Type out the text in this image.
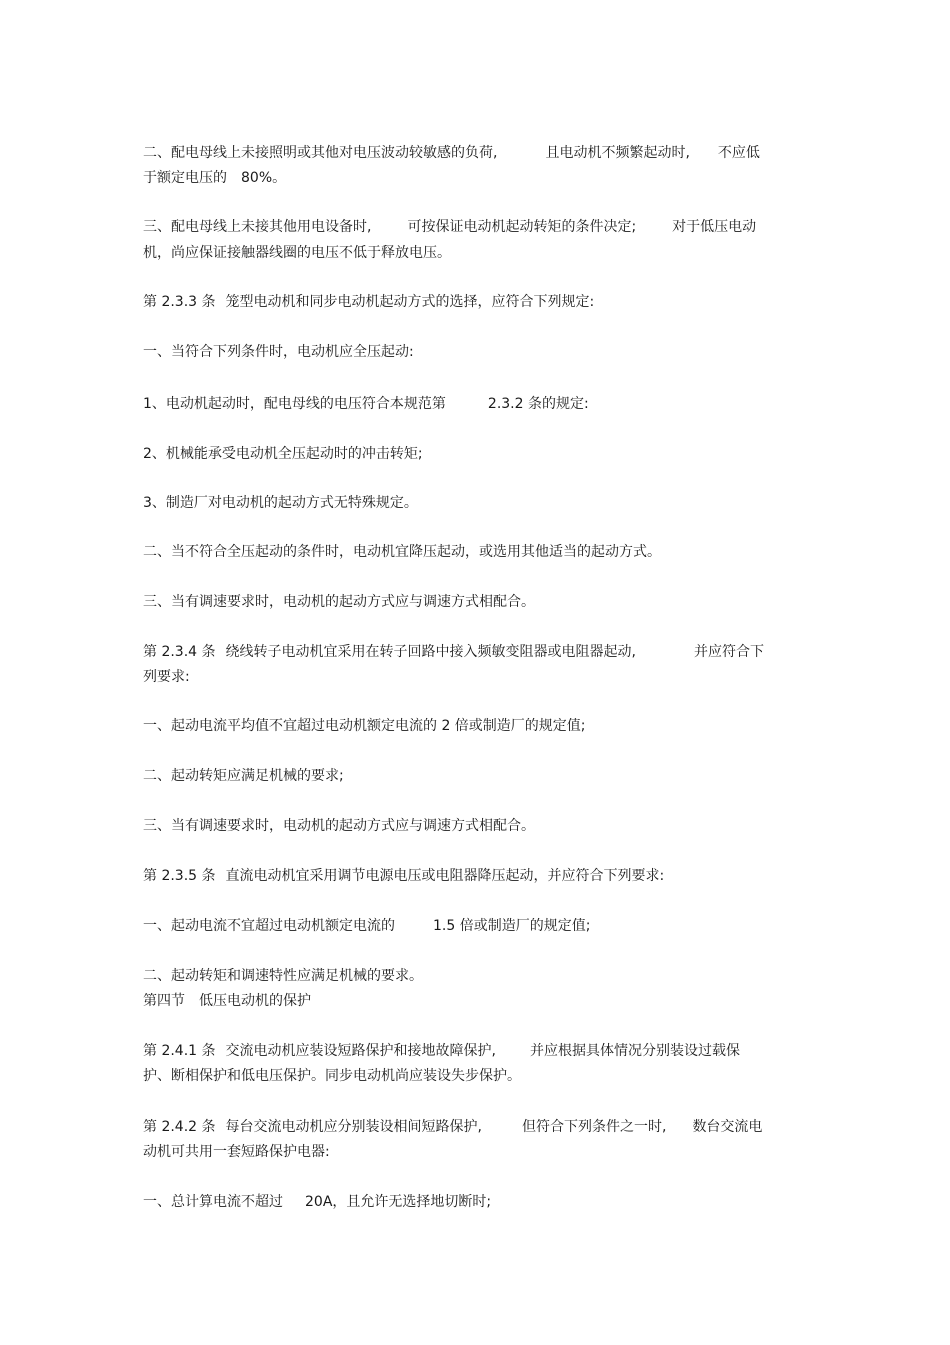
二、配电母线上未接照明或其他对电压波动较敏感的负荷,	且电动机不频繁起动时, 不应低
于额定电压的 80%。
三、配电母线上未接其他用电设备时,	可按保证电动机起动转矩的条件决定;	对于低压电动
机，尚应保证接触器线圈的电压不低于释放电压。
第 2.3.3 条 笼型电动机和同步电动机起动方式的选择，应符合下列规定:
一、当符合下列条件时，电动机应全压起动:
1、电动机起动时，配电母线的电压符合本规范第	2.3.2 条的规定:
2、机械能承受电动机全压起动时的冲击转矩;
3、制造厂对电动机的起动方式无特殊规定。
二、当不符合全压起动的条件时，电动机宜降压起动，或选用其他适当的起动方式。
三、当有调速要求时，电动机的起动方式应与调速方式相配合。
第 2.3.4 条 绕线转子电动机宜采用在转子回路中接入频敏变阻器或电阻器起动,	并应符合下
列要求:
一、起动电流平均值不宜超过电动机额定电流的 2 倍或制造厂的规定值;
二、起动转矩应满足机械的要求;
三、当有调速要求时，电动机的起动方式应与调速方式相配合。
第 2.3.5 条 直流电动机宜采用调节电源电压或电阻器降压起动，并应符合下列要求:
一、起动电流不宜超过电动机额定电流的	1.5 倍或制造厂的规定值;
二、起动转矩和调速特性应满足机械的要求。
第四节 低压电动机的保护
第 2.4.1 条 交流电动机应装设短路保护和接地故障保护, 并应根据具体情况分别装设过载保
护、断相保护和低电压保护。同步电动机尚应装设失步保护。
第 2.4.2 条 每台交流电动机应分别装设相间短路保护,	但符合下列条件之一时, 数台交流电
动机可共用一套短路保护电器:
一、总计算电流不超过 20A，且允许无选择地切断时;
